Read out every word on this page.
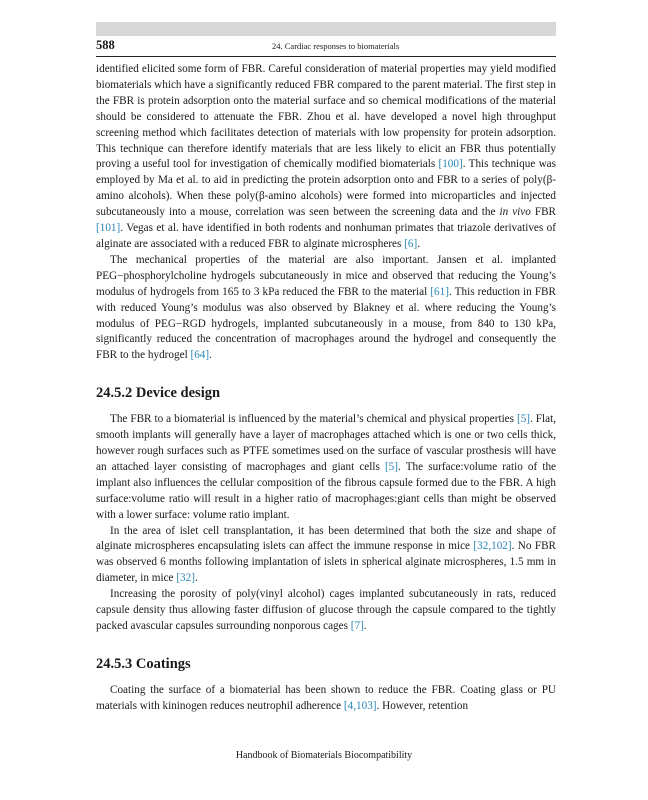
588	24. Cardiac responses to biomaterials

identified elicited some form of FBR. Careful consideration of material properties may yield modified biomaterials which have a significantly reduced FBR compared to the parent material. The first step in the FBR is protein adsorption onto the material surface and so chemical modifications of the material should be considered to attenuate the FBR. Zhou et al. have developed a novel high throughput screening method which facilitates detection of materials with low propensity for protein adsorption. This technique can therefore identify materials that are less likely to elicit an FBR thus potentially proving a useful tool for investigation of chemically modified biomaterials [100]. This technique was employed by Ma et al. to aid in predicting the protein adsorption onto and FBR to a series of poly(β-amino alcohols). When these poly(β-amino alcohols) were formed into microparticles and injected subcutaneously into a mouse, correlation was seen between the screening data and the in vivo FBR [101]. Vegas et al. have identified in both rodents and nonhuman primates that triazole derivatives of alginate are associated with a reduced FBR to alginate microspheres [6].

The mechanical properties of the material are also important. Jansen et al. implanted PEG−phosphorylcholine hydrogels subcutaneously in mice and observed that reducing the Young’s modulus of hydrogels from 165 to 3 kPa reduced the FBR to the material [61]. This reduction in FBR with reduced Young’s modulus was also observed by Blakney et al. where reducing the Young’s modulus of PEG−RGD hydrogels, implanted subcutaneously in a mouse, from 840 to 130 kPa, significantly reduced the concentration of macrophages around the hydrogel and consequently the FBR to the hydrogel [64].

24.5.2 Device design

The FBR to a biomaterial is influenced by the material’s chemical and physical properties [5]. Flat, smooth implants will generally have a layer of macrophages attached which is one or two cells thick, however rough surfaces such as PTFE sometimes used on the surface of vascular prosthesis will have an attached layer consisting of macrophages and giant cells [5]. The surface:volume ratio of the implant also influences the cellular composition of the fibrous capsule formed due to the FBR. A high surface:volume ratio will result in a higher ratio of macrophages:giant cells than might be observed with a lower surface: volume ratio implant.

In the area of islet cell transplantation, it has been determined that both the size and shape of alginate microspheres encapsulating islets can affect the immune response in mice [32,102]. No FBR was observed 6 months following implantation of islets in spherical alginate microspheres, 1.5 mm in diameter, in mice [32].

Increasing the porosity of poly(vinyl alcohol) cages implanted subcutaneously in rats, reduced capsule density thus allowing faster diffusion of glucose through the capsule compared to the tightly packed avascular capsules surrounding nonporous cages [7].

24.5.3 Coatings

Coating the surface of a biomaterial has been shown to reduce the FBR. Coating glass or PU materials with kininogen reduces neutrophil adherence [4,103]. However, retention

Handbook of Biomaterials Biocompatibility
